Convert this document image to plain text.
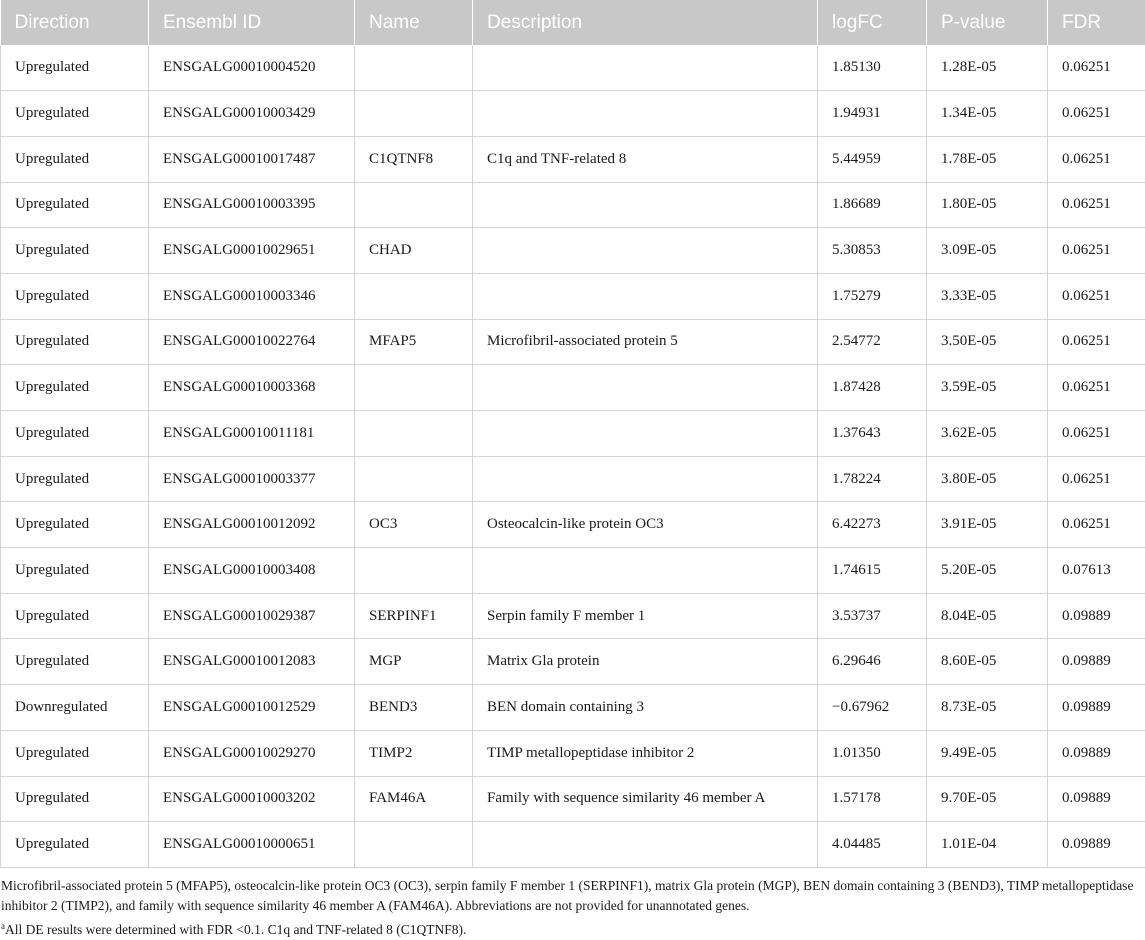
Direction	Ensembl ID	Name	Description	logFC	P-value	FDR
Upregulated	ENSGALG00010004520			1.85130	1.28E-05	0.06251
Upregulated	ENSGALG00010003429			1.94931	1.34E-05	0.06251
Upregulated	ENSGALG00010017487	C1QTNF8	C1q and TNF-related 8	5.44959	1.78E-05	0.06251
Upregulated	ENSGALG00010003395			1.86689	1.80E-05	0.06251
Upregulated	ENSGALG00010029651	CHAD		5.30853	3.09E-05	0.06251
Upregulated	ENSGALG00010003346			1.75279	3.33E-05	0.06251
Upregulated	ENSGALG00010022764	MFAP5	Microfibril-associated protein 5	2.54772	3.50E-05	0.06251
Upregulated	ENSGALG00010003368			1.87428	3.59E-05	0.06251
Upregulated	ENSGALG00010011181			1.37643	3.62E-05	0.06251
Upregulated	ENSGALG00010003377			1.78224	3.80E-05	0.06251
Upregulated	ENSGALG00010012092	OC3	Osteocalcin-like protein OC3	6.42273	3.91E-05	0.06251
Upregulated	ENSGALG00010003408			1.74615	5.20E-05	0.07613
Upregulated	ENSGALG00010029387	SERPINF1	Serpin family F member 1	3.53737	8.04E-05	0.09889
Upregulated	ENSGALG00010012083	MGP	Matrix Gla protein	6.29646	8.60E-05	0.09889
Downregulated	ENSGALG00010012529	BEND3	BEN domain containing 3	−0.67962	8.73E-05	0.09889
Upregulated	ENSGALG00010029270	TIMP2	TIMP metallopeptidase inhibitor 2	1.01350	9.49E-05	0.09889
Upregulated	ENSGALG00010003202	FAM46A	Family with sequence similarity 46 member A	1.57178	9.70E-05	0.09889
Upregulated	ENSGALG00010000651			4.04485	1.01E-04	0.09889

Microfibril-associated protein 5 (MFAP5), osteocalcin-like protein OC3 (OC3), serpin family F member 1 (SERPINF1), matrix Gla protein (MGP), BEN domain containing 3 (BEND3), TIMP metallopeptidase inhibitor 2 (TIMP2), and family with sequence similarity 46 member A (FAM46A). Abbreviations are not provided for unannotated genes.

$^a$All DE results were determined with FDR <0.1. C1q and TNF-related 8 (C1QTNF8).
